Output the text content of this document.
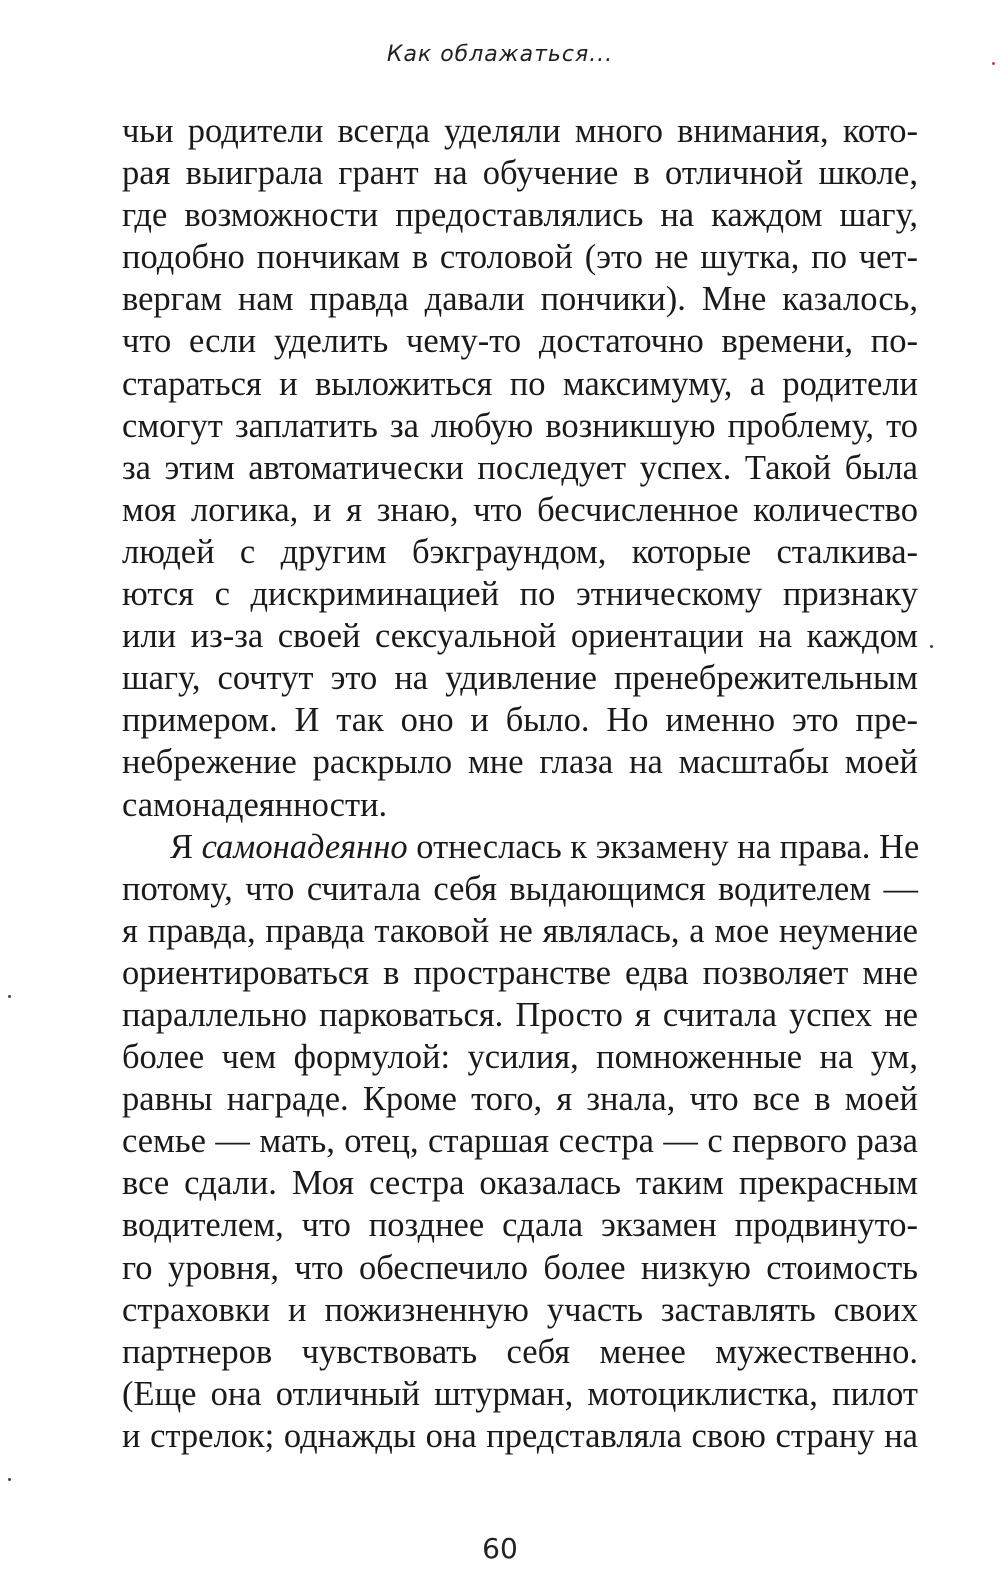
Как облажаться...
чьи родители всегда уделяли много внимания, кото-
рая выиграла грант на обучение в отличной школе,
где возможности предоставлялись на каждом шагу,
подобно пончикам в столовой (это не шутка, по чет-
вергам нам правда давали пончики). Мне казалось,
что если уделить чему-то достаточно времени, по-
стараться и выложиться по максимуму, а родители
смогут заплатить за любую возникшую проблему, то
за этим автоматически последует успех. Такой была
моя логика, и я знаю, что бесчисленное количество
людей с другим бэкграундом, которые сталкива-
ются с дискриминацией по этническому признаку
или из-за своей сексуальной ориентации на каждом
шагу, сочтут это на удивление пренебрежительным
примером. И так оно и было. Но именно это пре-
небрежение раскрыло мне глаза на масштабы моей
самонадеянности.
Я самонадеянно отнеслась к экзамену на права. Не
потому, что считала себя выдающимся водителем —
я правда, правда таковой не являлась, а мое неумение
ориентироваться в пространстве едва позволяет мне
параллельно парковаться. Просто я считала успех не
более чем формулой: усилия, помноженные на ум,
равны награде. Кроме того, я знала, что все в моей
семье — мать, отец, старшая сестра — с первого раза
все сдали. Моя сестра оказалась таким прекрасным
водителем, что позднее сдала экзамен продвинуто-
го уровня, что обеспечило более низкую стоимость
страховки и пожизненную участь заставлять своих
партнеров чувствовать себя менее мужественно.
(Еще она отличный штурман, мотоциклистка, пилот
и стрелок; однажды она представляла свою страну на
60
